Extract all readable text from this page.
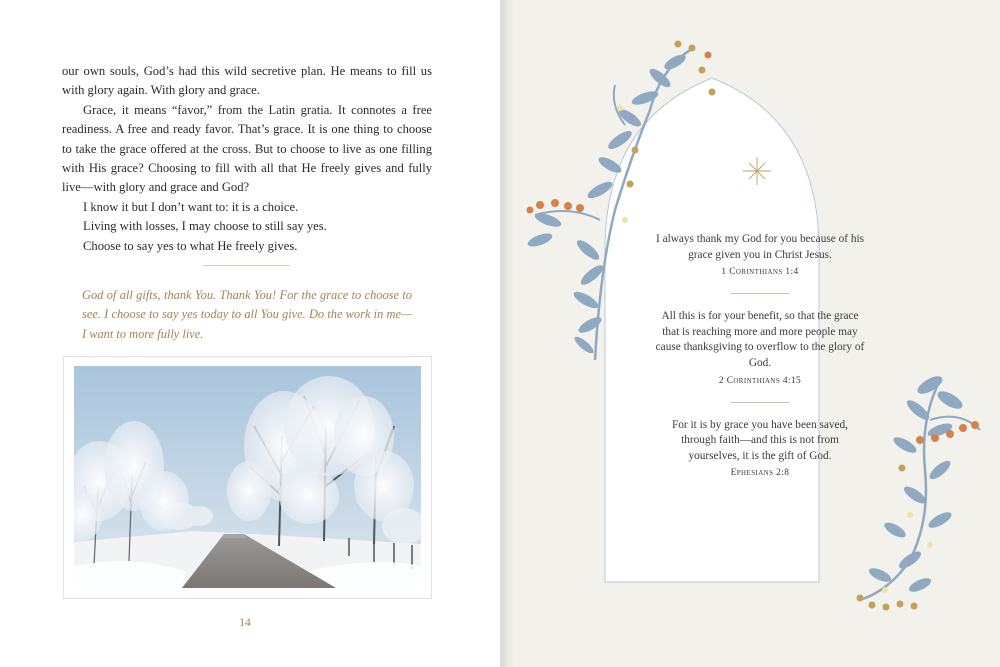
our own souls, God’s had this wild secretive plan. He means to fill us with glory again. With glory and grace.

Grace, it means “favor,” from the Latin gratia. It connotes a free readiness. A free and ready favor. That’s grace. It is one thing to choose to take the grace offered at the cross. But to choose to live as one filling with His grace? Choosing to fill with all that He freely gives and fully live—with glory and grace and God?

I know it but I don’t want to: it is a choice.

Living with losses, I may choose to still say yes.

Choose to say yes to what He freely gives.

God of all gifts, thank You. Thank You! For the grace to choose to see. I choose to say yes today to all You give. Do the work in me—I want to more fully live.

14

I always thank my God for you because of his grace given you in Christ Jesus.

1 Corinthians 1:4

All this is for your benefit, so that the grace that is reaching more and more people may cause thanksgiving to overflow to the glory of God.

2 Corinthians 4:15

For it is by grace you have been saved, through faith—and this is not from yourselves, it is the gift of God.

Ephesians 2:8
